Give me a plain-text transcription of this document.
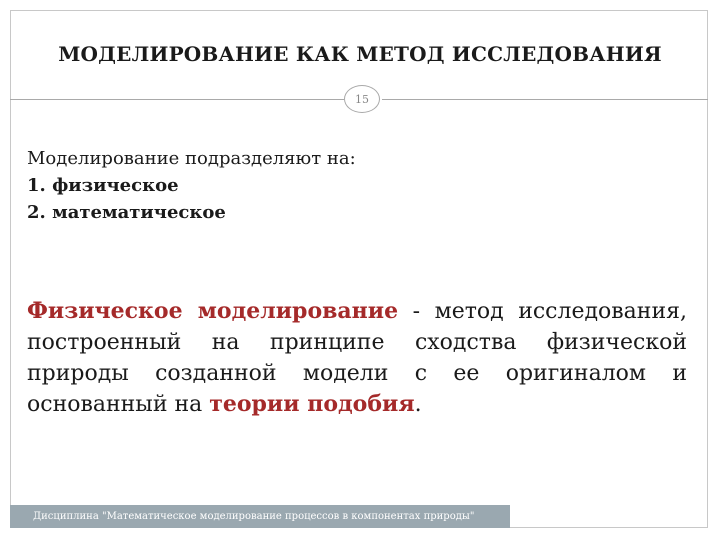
МОДЕЛИРОВАНИЕ КАК МЕТОД ИССЛЕДОВАНИЯ
15
Моделирование подразделяют на:
1. физическое
2. математическое
Физическое моделирование - метод исследования, построенный на принципе сходства физической природы созданной модели с ее оригиналом и основанный на теории подобия.
Дисциплина "Математическое моделирование процессов в компонентах природы"
